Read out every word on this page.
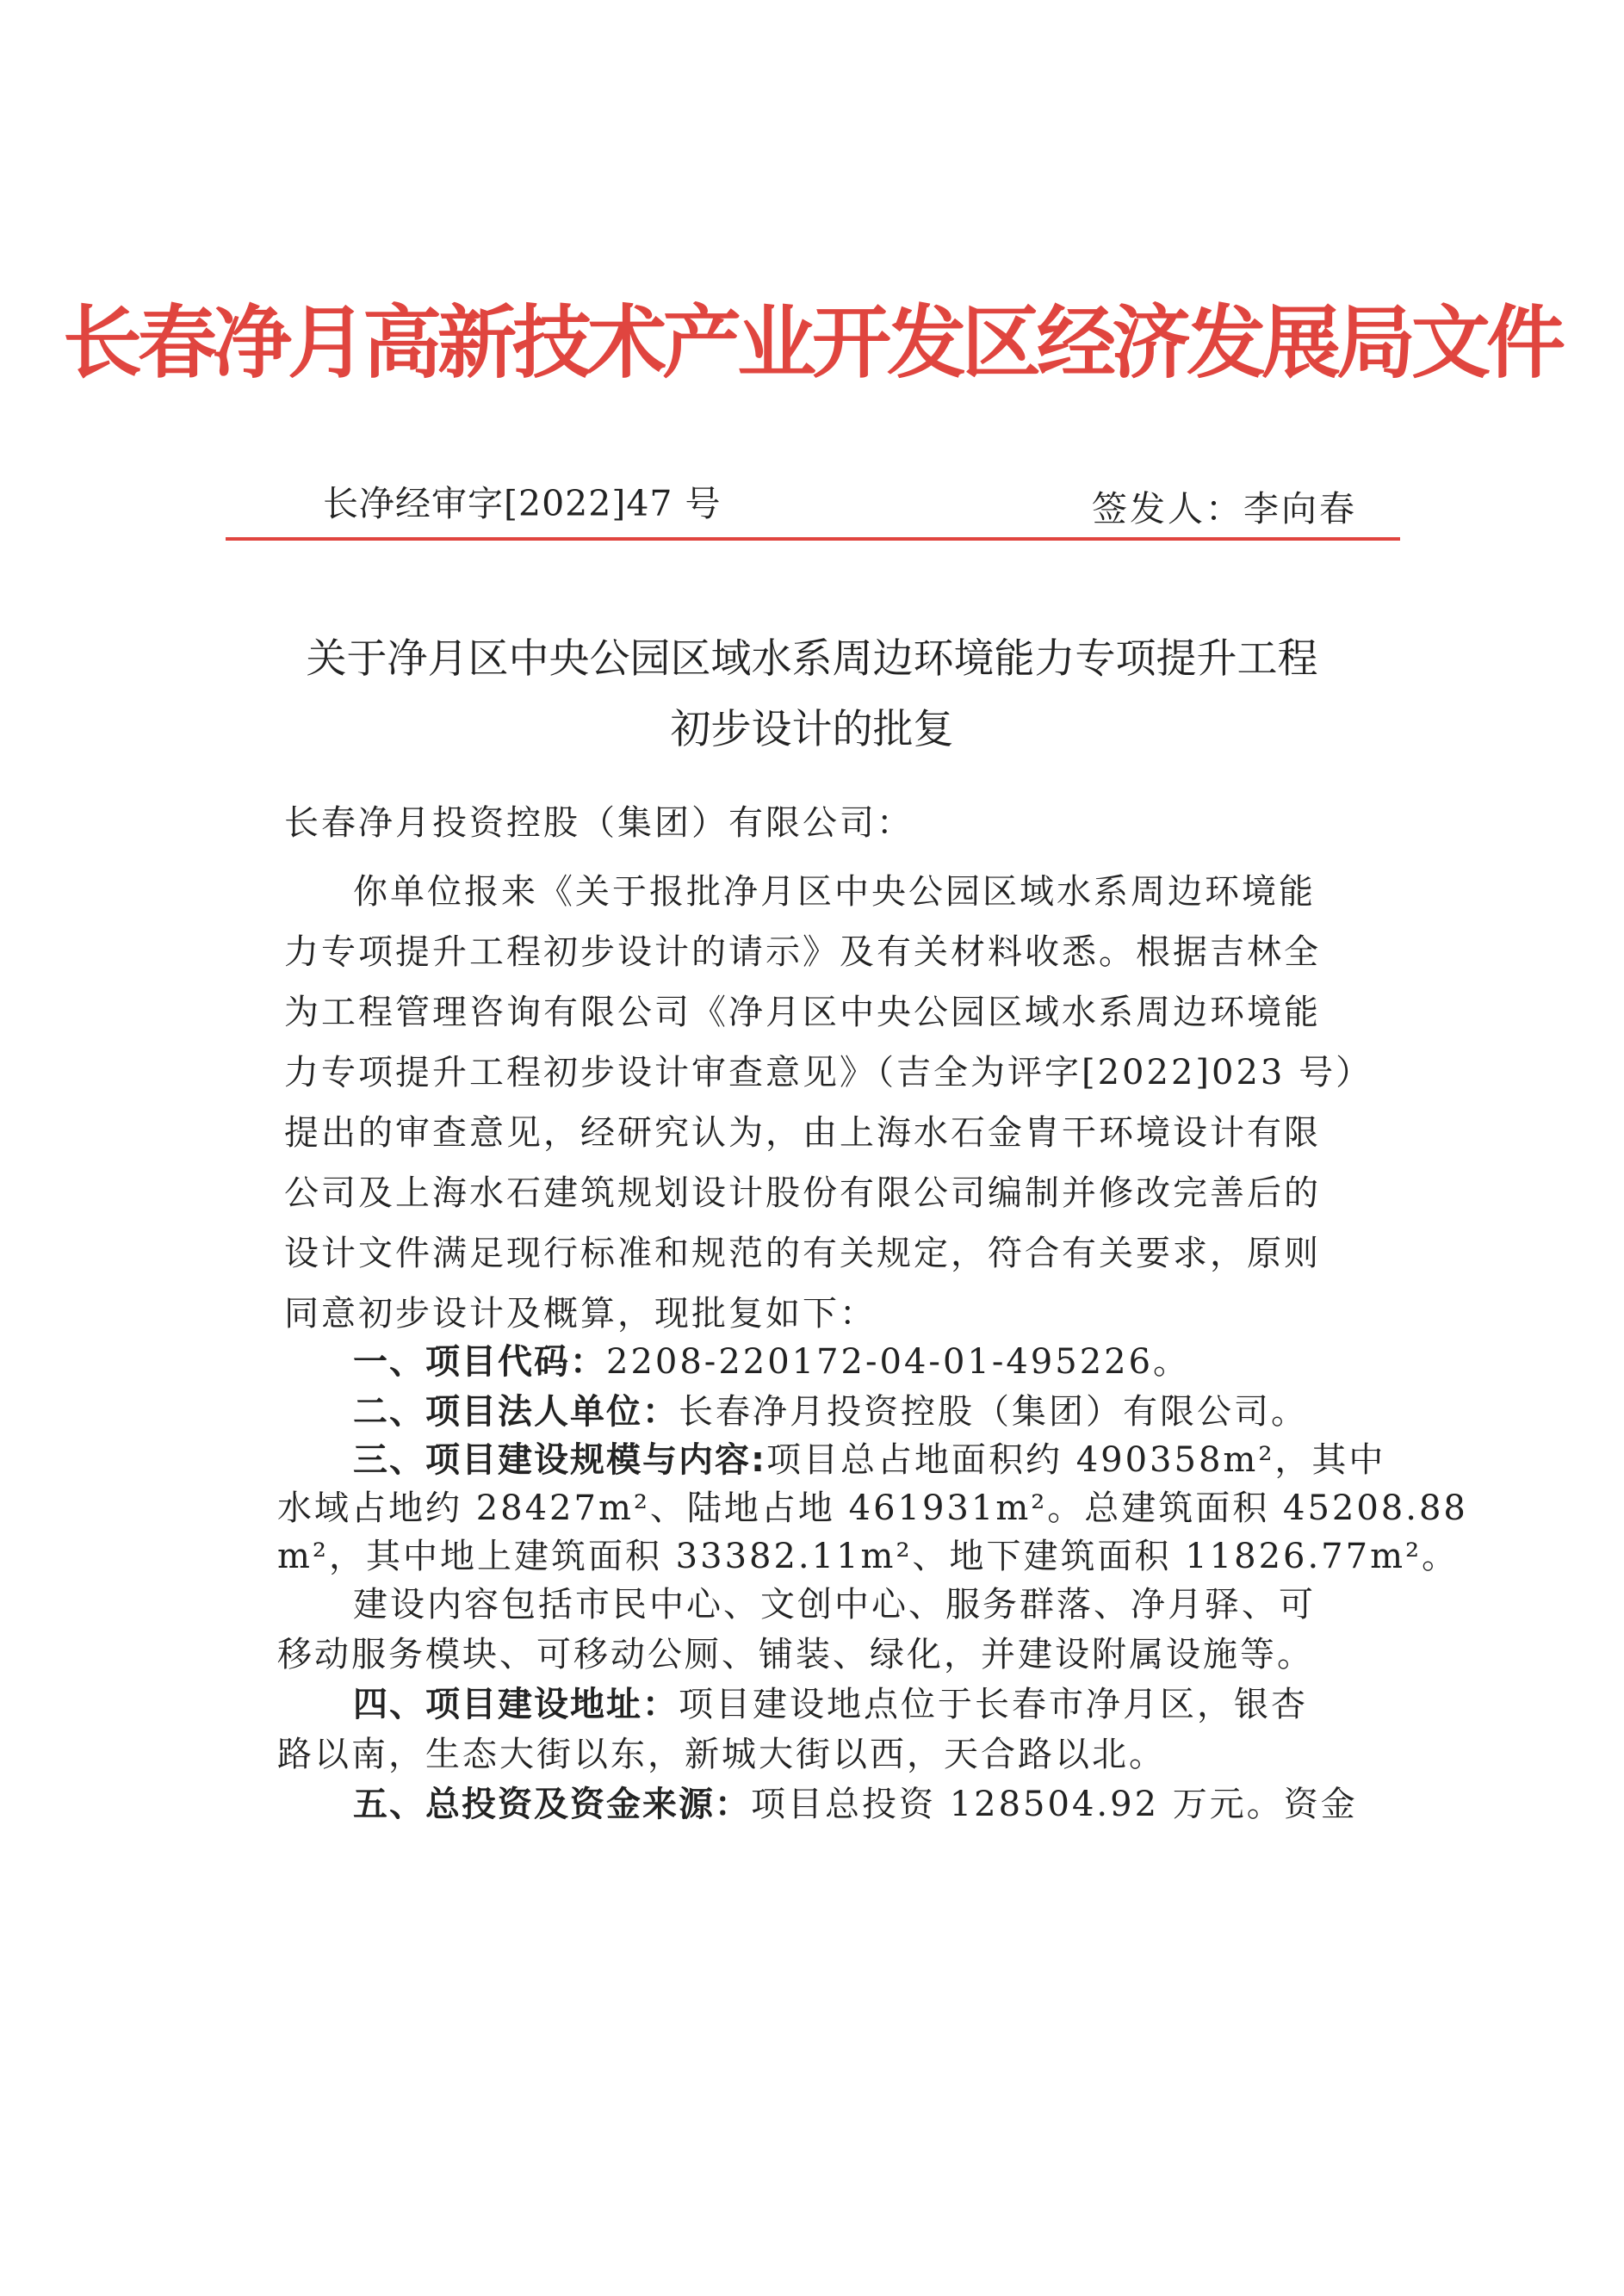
长春净月高新技术产业开发区经济发展局文件
长净经审字[2022]47 号	签发人：李向春
关于净月区中央公园区域水系周边环境能力专项提升工程
初步设计的批复
长春净月投资控股（集团）有限公司：
你单位报来《关于报批净月区中央公园区域水系周边环境能
力专项提升工程初步设计的请示》及有关材料收悉。根据吉林全
为工程管理咨询有限公司《净月区中央公园区域水系周边环境能
力专项提升工程初步设计审查意见》（吉全为评字[2022]023 号）
提出的审查意见，经研究认为，由上海水石金胄干环境设计有限
公司及上海水石建筑规划设计股份有限公司编制并修改完善后的
设计文件满足现行标准和规范的有关规定，符合有关要求，原则
同意初步设计及概算，现批复如下：
一、项目代码：2208-220172-04-01-495226。
二、项目法人单位：长春净月投资控股（集团）有限公司。
三、项目建设规模与内容:项目总占地面积约 490358m²，其中
水域占地约 28427m²、陆地占地 461931m²。总建筑面积 45208.88
m²，其中地上建筑面积 33382.11m²、地下建筑面积 11826.77m²。
建设内容包括市民中心、文创中心、服务群落、净月驿、可
移动服务模块、可移动公厕、铺装、绿化，并建设附属设施等。
四、项目建设地址：项目建设地点位于长春市净月区，银杏
路以南，生态大街以东，新城大街以西，天合路以北。
五、总投资及资金来源：项目总投资 128504.92 万元。资金
